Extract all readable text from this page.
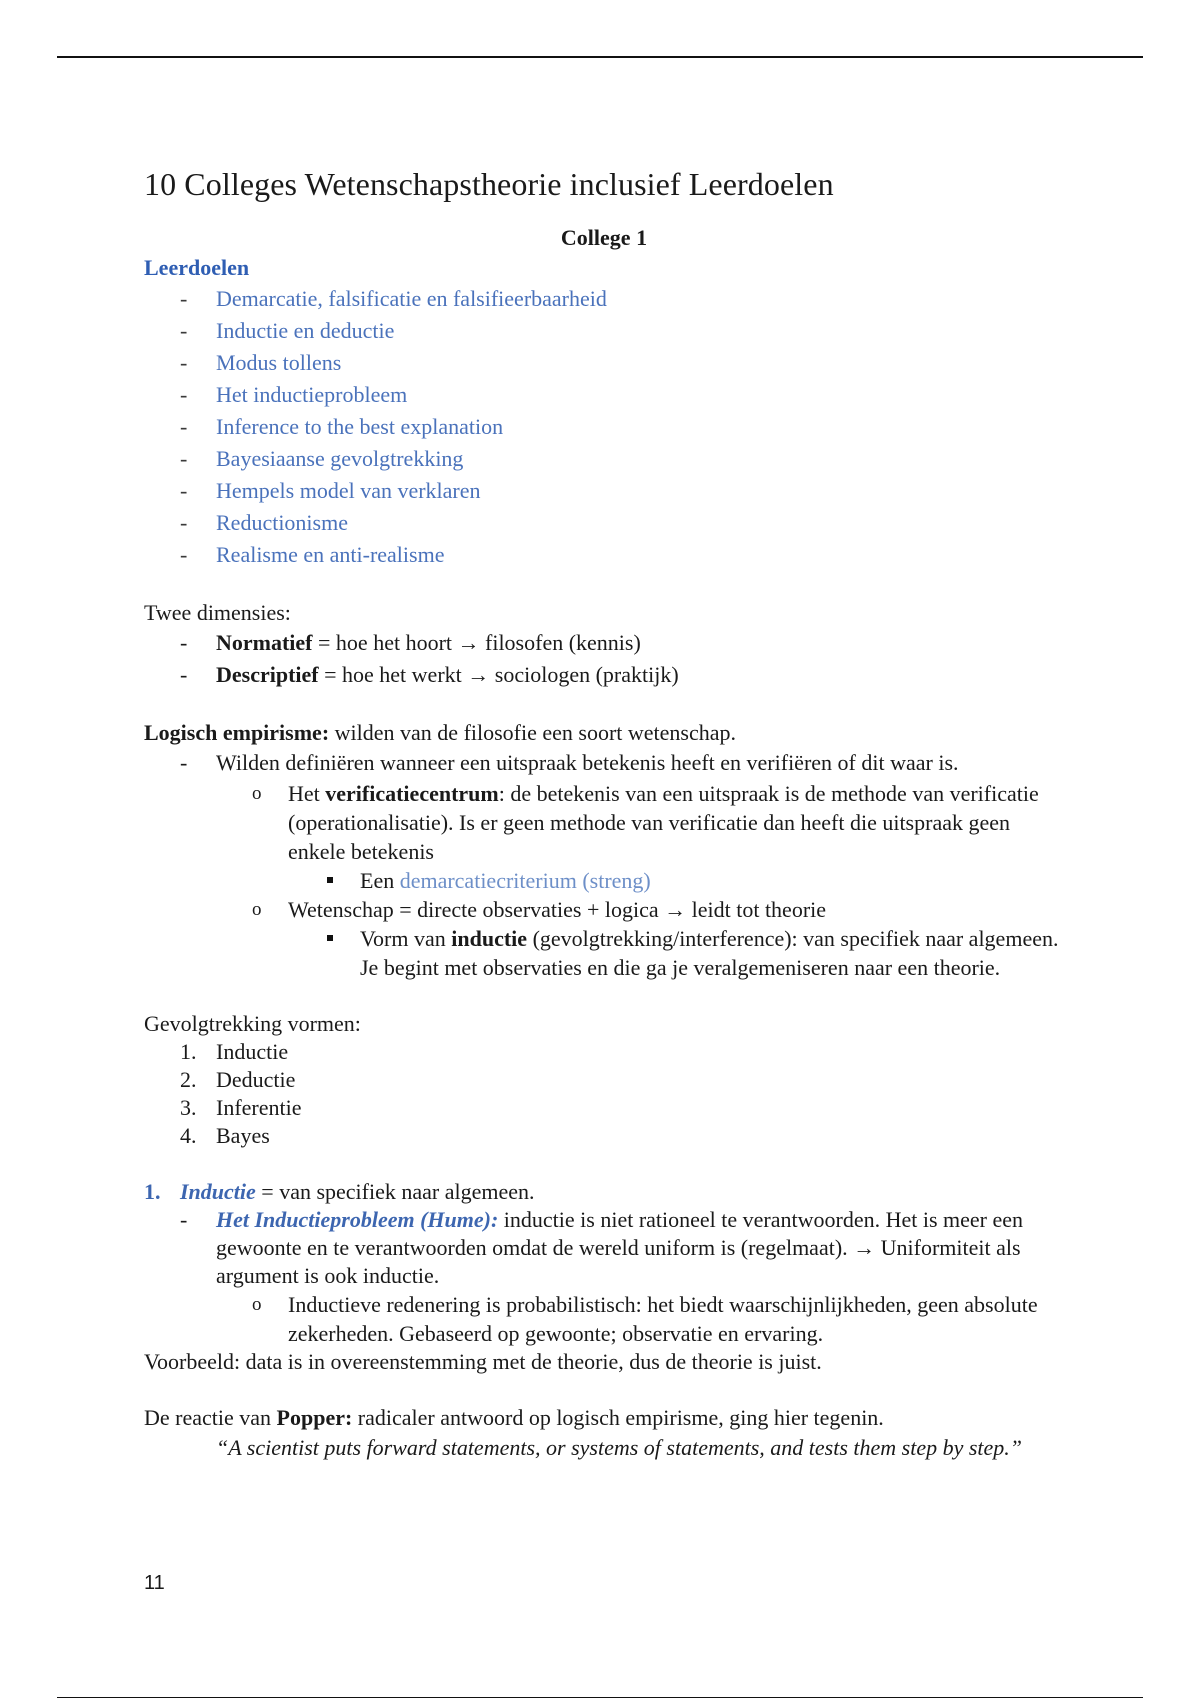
10 Colleges Wetenschapstheorie inclusief Leerdoelen

College 1

Leerdoelen

- Demarcatie, falsificatie en falsifieerbaarheid
- Inductie en deductie
- Modus tollens
- Het inductieprobleem
- Inference to the best explanation
- Bayesiaanse gevolgtrekking
- Hempels model van verklaren
- Reductionisme
- Realisme en anti-realisme

Twee dimensies:

- Normatief = hoe het hoort → filosofen (kennis)
- Descriptief = hoe het werkt → sociologen (praktijk)

Logisch empirisme: wilden van de filosofie een soort wetenschap.

- Wilden definiëren wanneer een uitspraak betekenis heeft en verifiëren of dit waar is.
o Het verificatiecentrum: de betekenis van een uitspraak is de methode van verificatie (operationalisatie). Is er geen methode van verificatie dan heeft die uitspraak geen enkele betekenis
Een demarcatiecriterium (streng)
o Wetenschap = directe observaties + logica → leidt tot theorie
Vorm van inductie (gevolgtrekking/interference): van specifiek naar algemeen. Je begint met observaties en die ga je veralgemeniseren naar een theorie.

Gevolgtrekking vormen:

1. Inductie
2. Deductie
3. Inferentie
4. Bayes
1. Inductie = van specifiek naar algemeen.
- Het Inductieprobleem (Hume): inductie is niet rationeel te verantwoorden. Het is meer een gewoonte en te verantwoorden omdat de wereld uniform is (regelmaat). → Uniformiteit als argument is ook inductie.
o Inductieve redenering is probabilistisch: het biedt waarschijnlijkheden, geen absolute zekerheden. Gebaseerd op gewoonte; observatie en ervaring.

Voorbeeld: data is in overeenstemming met de theorie, dus de theorie is juist.

De reactie van Popper: radicaler antwoord op logisch empirisme, ging hier tegenin.

“A scientist puts forward statements, or systems of statements, and tests them step by step.”

11
